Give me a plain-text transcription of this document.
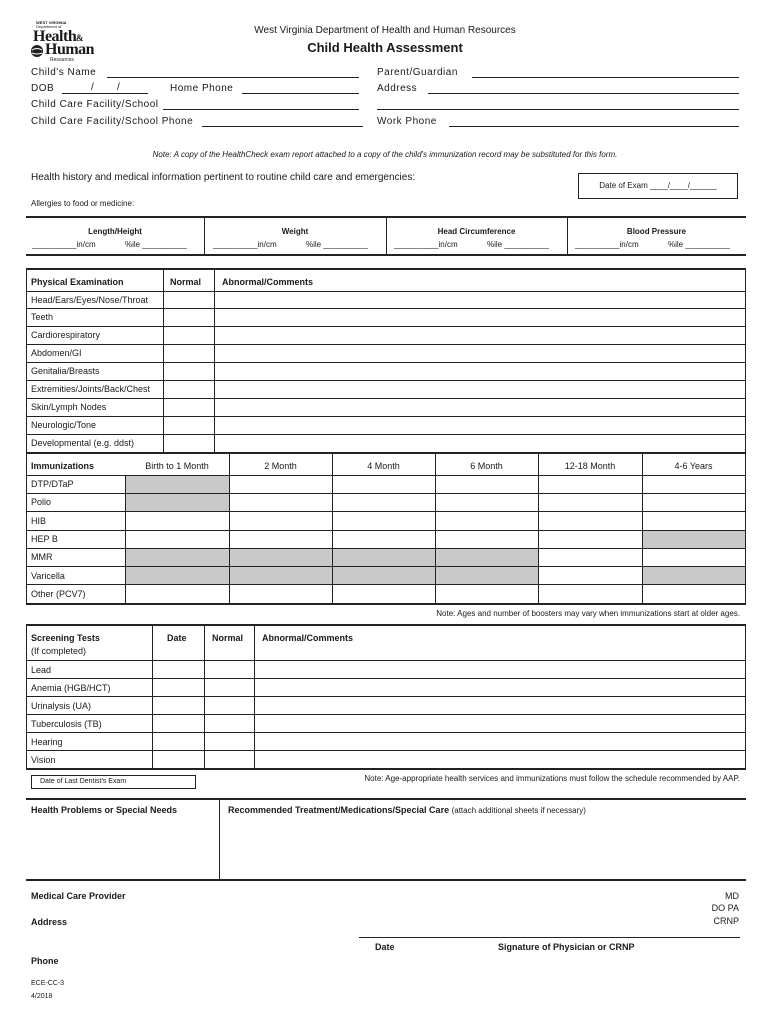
WEST VIRGINIA
Department of
Health &
Human
Resources
West Virginia Department of Health and Human Resources
Child Health Assessment
Child's Name
DOB	/ /	Home Phone
Child Care Facility/School
Child Care Facility/School Phone
Parent/Guardian
Address
Work Phone
Note: A copy of the HealthCheck exam report attached to a copy of the child's immunization record may be substituted for this form.
Health history and medical information pertinent to routine child care and emergencies:
Date of Exam ____/____/______
Allergies to food or medicine:
Length/Height
__________in/cm	%ile __________
Weight
__________in/cm	%ile __________
Head Circumference
__________in/cm	%ile __________
Blood Pressure
__________in/cm	%ile __________
Physical Examination	Normal Abnormal/Comments
Head/Ears/Eyes/Nose/Throat
Teeth
Cardiorespiratory
Abdomen/GI
Genitalia/Breasts
Extremities/Joints/Back/Chest
Skin/Lymph Nodes
Neurologic/Tone
Developmental (e.g. ddst)
Immunizations	Birth to 1 Month	2 Month	4 Month	6 Month	12-18 Month	4-6 Years
DTP/DTaP
Polio
HIB
HEP B
MMR
Varicella
Other (PCV7)
Note: Ages and number of boosters may vary when immunizations start at older ages.
Screening Tests
(If completed)
Date	Normal Abnormal/Comments
Lead
Anemia (HGB/HCT)
Urinalysis (UA)
Tuberculosis (TB)
Hearing
Vision
Date of Last Dentist's Exam	Note: Age-appropriate health services and immunizations must follow the schedule recommended by AAP.
Health Problems or Special Needs	Recommended Treatment/Medications/Special Care (attach additional sheets if necessary)
Medical Care Provider
Address
Phone
MD
DO PA
CRNP
Date	Signature of Physician or CRNP
ECE-CC-3
4/2018
